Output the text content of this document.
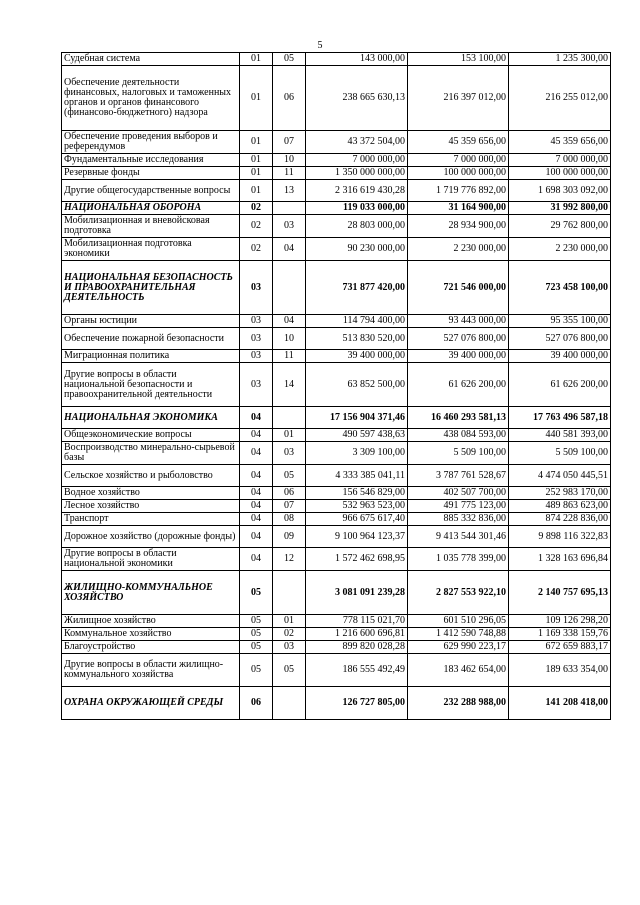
5
Судебная система	01	05	143 000,00	153 100,00	1 235 300,00
Обеспечение деятельности финансовых, налоговых и таможенных органов и органов финансового (финансово-бюджетного) надзора	01	06	238 665 630,13	216 397 012,00	216 255 012,00
Обеспечение проведения выборов и референдумов	01	07	43 372 504,00	45 359 656,00	45 359 656,00
Фундаментальные исследования	01	10	7 000 000,00	7 000 000,00	7 000 000,00
Резервные фонды	01	11	1 350 000 000,00	100 000 000,00	100 000 000,00
Другие общегосударственные вопросы	01	13	2 316 619 430,28	1 719 776 892,00	1 698 303 092,00
НАЦИОНАЛЬНАЯ ОБОРОНА	02		119 033 000,00	31 164 900,00	31 992 800,00
Мобилизационная и вневойсковая подготовка	02	03	28 803 000,00	28 934 900,00	29 762 800,00
Мобилизационная подготовка экономики	02	04	90 230 000,00	2 230 000,00	2 230 000,00
НАЦИОНАЛЬНАЯ БЕЗОПАСНОСТЬ И ПРАВООХРАНИТЕЛЬНАЯ ДЕЯТЕЛЬНОСТЬ	03		731 877 420,00	721 546 000,00	723 458 100,00
Органы юстиции	03	04	114 794 400,00	93 443 000,00	95 355 100,00
Обеспечение пожарной безопасности	03	10	513 830 520,00	527 076 800,00	527 076 800,00
Миграционная политика	03	11	39 400 000,00	39 400 000,00	39 400 000,00
Другие вопросы в области национальной безопасности и правоохранительной деятельности	03	14	63 852 500,00	61 626 200,00	61 626 200,00
НАЦИОНАЛЬНАЯ ЭКОНОМИКА	04		17 156 904 371,46	16 460 293 581,13	17 763 496 587,18
Общеэкономические вопросы	04	01	490 597 438,63	438 084 593,00	440 581 393,00
Воспроизводство минерально-сырьевой базы	04	03	3 309 100,00	5 509 100,00	5 509 100,00
Сельское хозяйство и рыболовство	04	05	4 333 385 041,11	3 787 761 528,67	4 474 050 445,51
Водное хозяйство	04	06	156 546 829,00	402 507 700,00	252 983 170,00
Лесное хозяйство	04	07	532 963 523,00	491 775 123,00	489 863 623,00
Транспорт	04	08	966 675 617,40	885 332 836,00	874 228 836,00
Дорожное хозяйство (дорожные фонды)	04	09	9 100 964 123,37	9 413 544 301,46	9 898 116 322,83
Другие вопросы в области национальной экономики	04	12	1 572 462 698,95	1 035 778 399,00	1 328 163 696,84
ЖИЛИЩНО-КОММУНАЛЬНОЕ ХОЗЯЙСТВО	05		3 081 091 239,28	2 827 553 922,10	2 140 757 695,13
Жилищное хозяйство	05	01	778 115 021,70	601 510 296,05	109 126 298,20
Коммунальное хозяйство	05	02	1 216 600 696,81	1 412 590 748,88	1 169 338 159,76
Благоустройство	05	03	899 820 028,28	629 990 223,17	672 659 883,17
Другие вопросы в области жилищно-коммунального хозяйства	05	05	186 555 492,49	183 462 654,00	189 633 354,00
ОХРАНА ОКРУЖАЮЩЕЙ СРЕДЫ	06		126 727 805,00	232 288 988,00	141 208 418,00
